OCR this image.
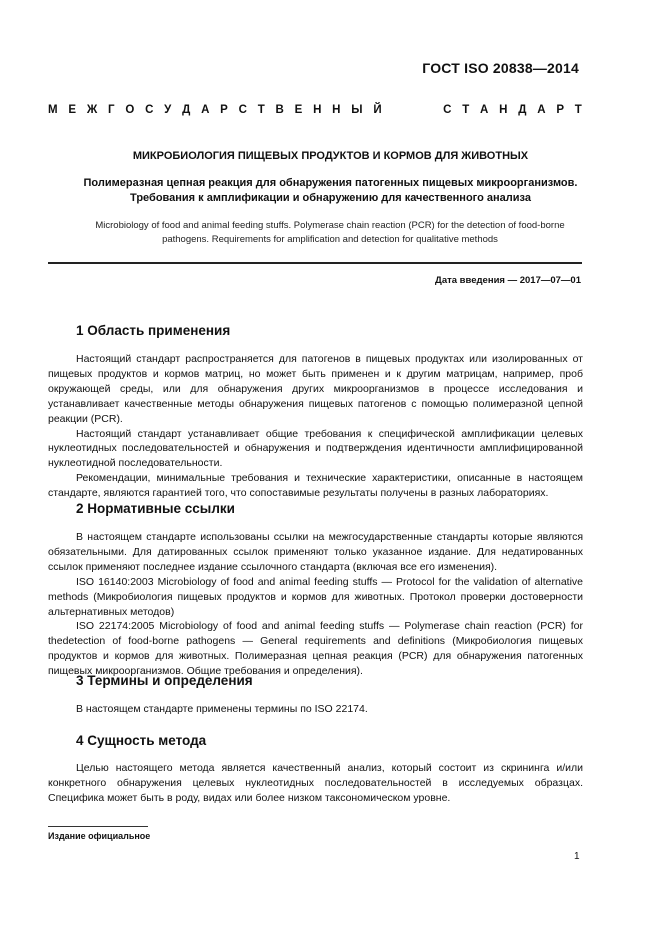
ГОСТ ISO 20838—2014
М Е Ж Г О С У Д А Р С Т В Е Н Н Ы Й	С Т А Н Д А Р Т
МИКРОБИОЛОГИЯ ПИЩЕВЫХ ПРОДУКТОВ И КОРМОВ ДЛЯ ЖИВОТНЫХ
Полимеразная цепная реакция для обнаружения патогенных пищевых микроорганизмов.
Требования к амплификации и обнаружению для качественного анализа
Microbiology of food and animal feeding stuffs. Polymerase chain reaction (PCR) for the detection of food-borne
pathogens. Requirements for amplification and detection for qualitative methods
Дата введения — 2017—07—01
1 Область применения

Настоящий стандарт распространяется для патогенов в пищевых продуктах или изолированных от пищевых продуктов и кормов матриц, но может быть применен и к другим матрицам, например, проб окружающей среды, или для обнаружения других микроорганизмов в процессе исследования и устанавливает качественные методы обнаружения пищевых патогенов с помощью полимеразной цепной реакции (PCR).

Настоящий стандарт устанавливает общие требования к специфической амплификации целевых нуклеотидных последовательностей и обнаружения и подтверждения идентичности амплифицированной нуклеотидной последовательности.

Рекомендации, минимальные требования и технические характеристики, описанные в настоящем стандарте, являются гарантией того, что сопоставимые результаты получены в разных лабораториях.

2 Нормативные ссылки

В настоящем стандарте использованы ссылки на межгосударственные стандарты которые являются обязательными. Для датированных ссылок применяют только указанное издание. Для недатированных ссылок применяют последнее издание ссылочного стандарта (включая все его изменения).

ISO 16140:2003 Microbiology of food and animal feeding stuffs — Protocol for the validation of alternative methods (Микробиология пищевых продуктов и кормов для животных. Протокол проверки достоверности альтернативных методов)

ISO 22174:2005 Microbiology of food and animal feeding stuffs — Polymerase chain reaction (PCR) for thedetection of food-borne pathogens — General requirements and definitions (Микробиология пищевых продуктов и кормов для животных. Полимеразная цепная реакция (PCR) для обнаружения патогенных пищевых микроорганизмов. Общие требования и определения).

3 Термины и определения

В настоящем стандарте применены термины по ISO 22174.

4 Сущность метода

Целью настоящего метода является качественный анализ, который состоит из скрининга и/или конкретного обнаружения целевых нуклеотидных последовательностей в исследуемых образцах. Специфика может быть в роду, видах или более низком таксономическом уровне.

Издание официальное
1
